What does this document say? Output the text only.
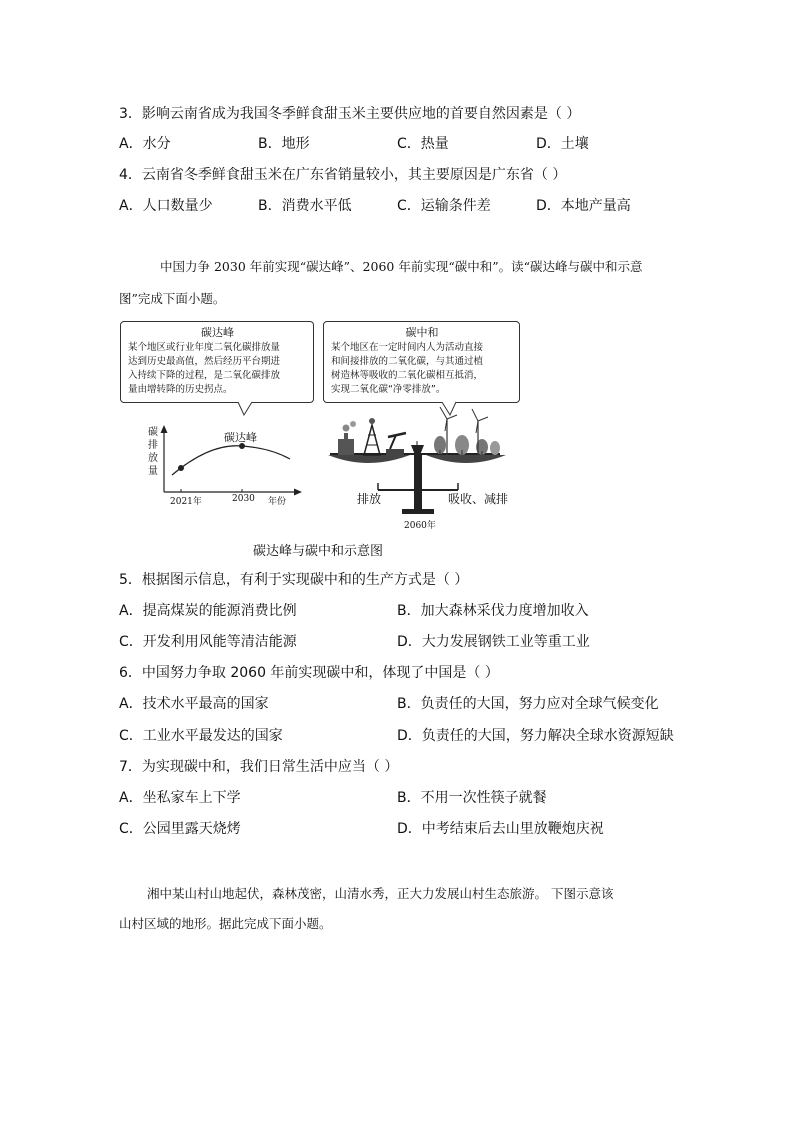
3．影响云南省成为我国冬季鲜食甜玉米主要供应地的首要自然因素是（ ）
A．水分	B．地形	C．热量	D．土壤
4．云南省冬季鲜食甜玉米在广东省销量较小，其主要原因是广东省（ ）
A．人口数量少	B．消费水平低	C．运输条件差	D．本地产量高
中国力争 2030 年前实现“碳达峰”、2060 年前实现“碳中和”。读“碳达峰与碳中和示意
图”完成下面小题。
碳达峰
某个地区或行业年度二氧化碳排放量
达到历史最高值，然后经历平台期进
入持续下降的过程，是二氧化碳排放
量由增转降的历史拐点。
碳中和
某个地区在一定时间内人为活动直接
和间接排放的二氧化碳，与其通过植
树造林等吸收的二氧化碳相互抵消，
实现二氧化碳“净零排放”。
碳
排
放
量
碳达峰
2021年	2030 年份	排放	吸收、减排
2060年
碳达峰与碳中和示意图
5．根据图示信息，有利于实现碳中和的生产方式是（ ）
A．提高煤炭的能源消费比例	B．加大森林采伐力度增加收入
C．开发利用风能等清洁能源	D．大力发展钢铁工业等重工业
6．中国努力争取 2060 年前实现碳中和，体现了中国是（ ）
A．技术水平最高的国家	B．负责任的大国，努力应对全球气候变化
C．工业水平最发达的国家	D．负责任的大国，努力解决全球水资源短缺
7．为实现碳中和，我们日常生活中应当（ ）
A．坐私家车上下学	B．不用一次性筷子就餐
C．公园里露天烧烤	D．中考结束后去山里放鞭炮庆祝
湘中某山村山地起伏，森林茂密，山清水秀，正大力发展山村生态旅游。 下图示意该
山村区域的地形。据此完成下面小题。
